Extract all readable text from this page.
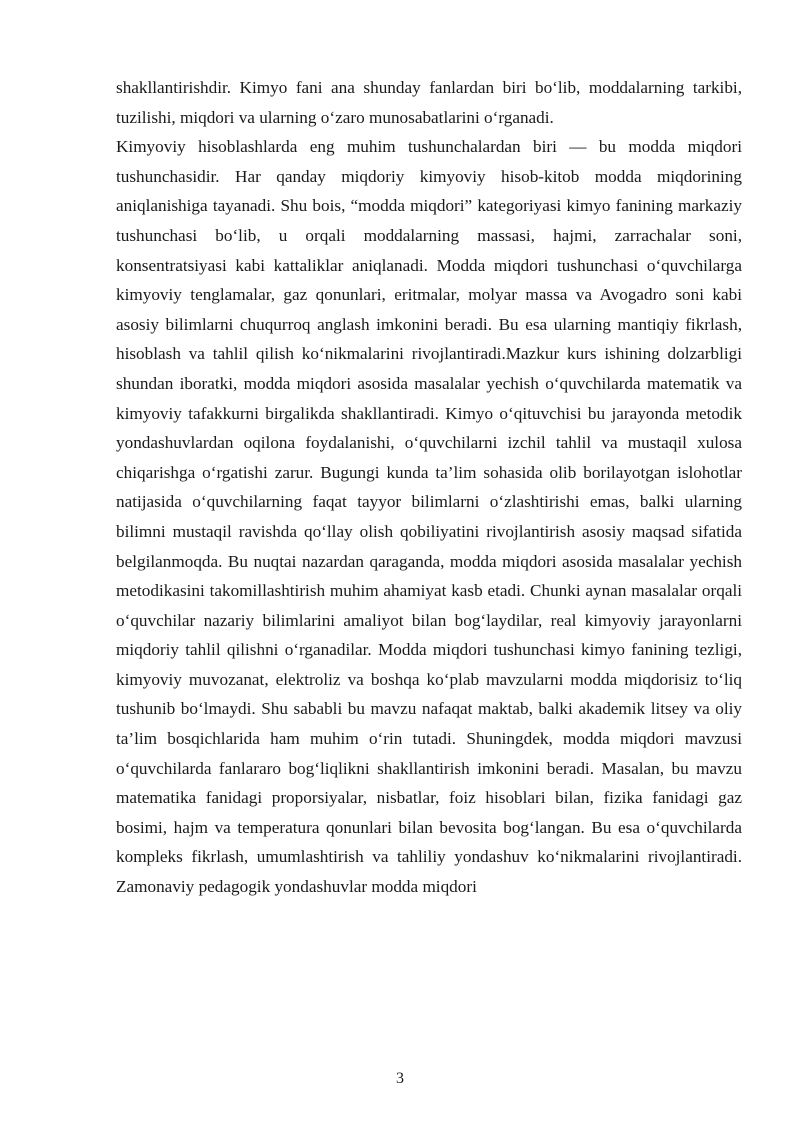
shakllantirishdir. Kimyo fani ana shunday fanlardan biri bo‘lib, moddalarning tarkibi, tuzilishi, miqdori va ularning o‘zaro munosabatlarini o‘rganadi.

Kimyoviy hisoblashlarda eng muhim tushunchalardan biri — bu modda miqdori tushunchasidir. Har qanday miqdoriy kimyoviy hisob-kitob modda miqdorining aniqlanishiga tayanadi. Shu bois, “modda miqdori” kategoriyasi kimyo fanining markaziy tushunchasi bo‘lib, u orqali moddalarning massasi, hajmi, zarrachalar soni, konsentratsiyasi kabi kattaliklar aniqlanadi. Modda miqdori tushunchasi o‘quvchilarga kimyoviy tenglamalar, gaz qonunlari, eritmalar, molyar massa va Avogadro soni kabi asosiy bilimlarni chuqurroq anglash imkonini beradi. Bu esa ularning mantiqiy fikrlash, hisoblash va tahlil qilish ko‘nikmalarini rivojlantiradi.Mazkur kurs ishining dolzarbligi shundan iboratki, modda miqdori asosida masalalar yechish o‘quvchilarda matematik va kimyoviy tafakkurni birgalikda shakllantiradi. Kimyo o‘qituvchisi bu jarayonda metodik yondashuvlardan oqilona foydalanishi, o‘quvchilarni izchil tahlil va mustaqil xulosa chiqarishga o‘rgatishi zarur. Bugungi kunda ta’lim sohasida olib borilayotgan islohotlar natijasida o‘quvchilarning faqat tayyor bilimlarni o‘zlashtirishi emas, balki ularning bilimni mustaqil ravishda qo‘llay olish qobiliyatini rivojlantirish asosiy maqsad sifatida belgilanmoqda. Bu nuqtai nazardan qaraganda, modda miqdori asosida masalalar yechish metodikasini takomillashtirish muhim ahamiyat kasb etadi. Chunki aynan masalalar orqali o‘quvchilar nazariy bilimlarini amaliyot bilan bog‘laydilar, real kimyoviy jarayonlarni miqdoriy tahlil qilishni o‘rganadilar. Modda miqdori tushunchasi kimyo fanining tezligi, kimyoviy muvozanat, elektroliz va boshqa ko‘plab mavzularni modda miqdorisiz to‘liq tushunib bo‘lmaydi. Shu sababli bu mavzu nafaqat maktab, balki akademik litsey va oliy ta’lim bosqichlarida ham muhim o‘rin tutadi. Shuningdek, modda miqdori mavzusi o‘quvchilarda fanlararo bog‘liqlikni shakllantirish imkonini beradi. Masalan, bu mavzu matematika fanidagi proporsiyalar, nisbatlar, foiz hisoblari bilan, fizika fanidagi gaz bosimi, hajm va temperatura qonunlari bilan bevosita bog‘langan. Bu esa o‘quvchilarda kompleks fikrlash, umumlashtirish va tahliliy yondashuv ko‘nikmalarini rivojlantiradi. Zamonaviy pedagogik yondashuvlar modda miqdori

3
